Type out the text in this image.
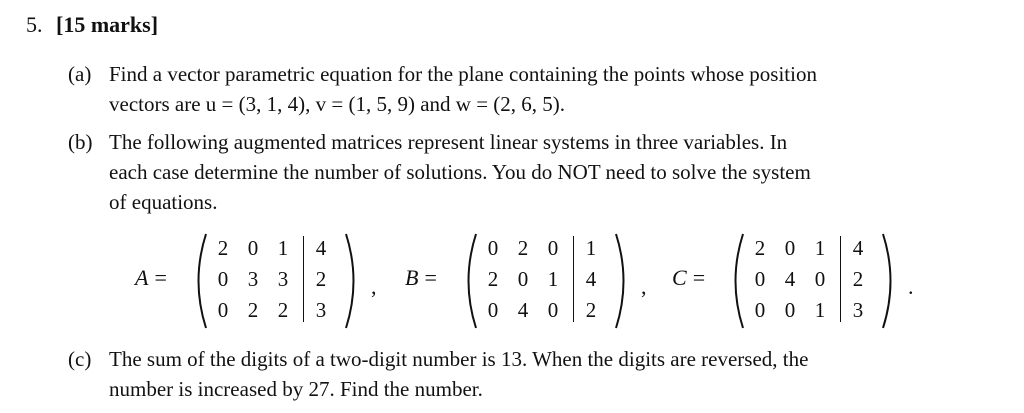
5. [15 marks]
(a) Find a vector parametric equation for the plane containing the points whose position
vectors are u = (3, 1, 4), v = (1, 5, 9) and w = (2, 6, 5).
(b) The following augmented matrices represent linear systems in three variables. In
each case determine the number of solutions. You do NOT need to solve the system
of equations.
A =
2 0 1	4
0 3 3	2
0 2 2	3
, B =
0 2 0	1
2 0 1	4
0 4 0	2
, C =
2 0 1	4
0 4 0	2
0 0 1	3
.
(c) The sum of the digits of a two-digit number is 13. When the digits are reversed, the
number is increased by 27. Find the number.
